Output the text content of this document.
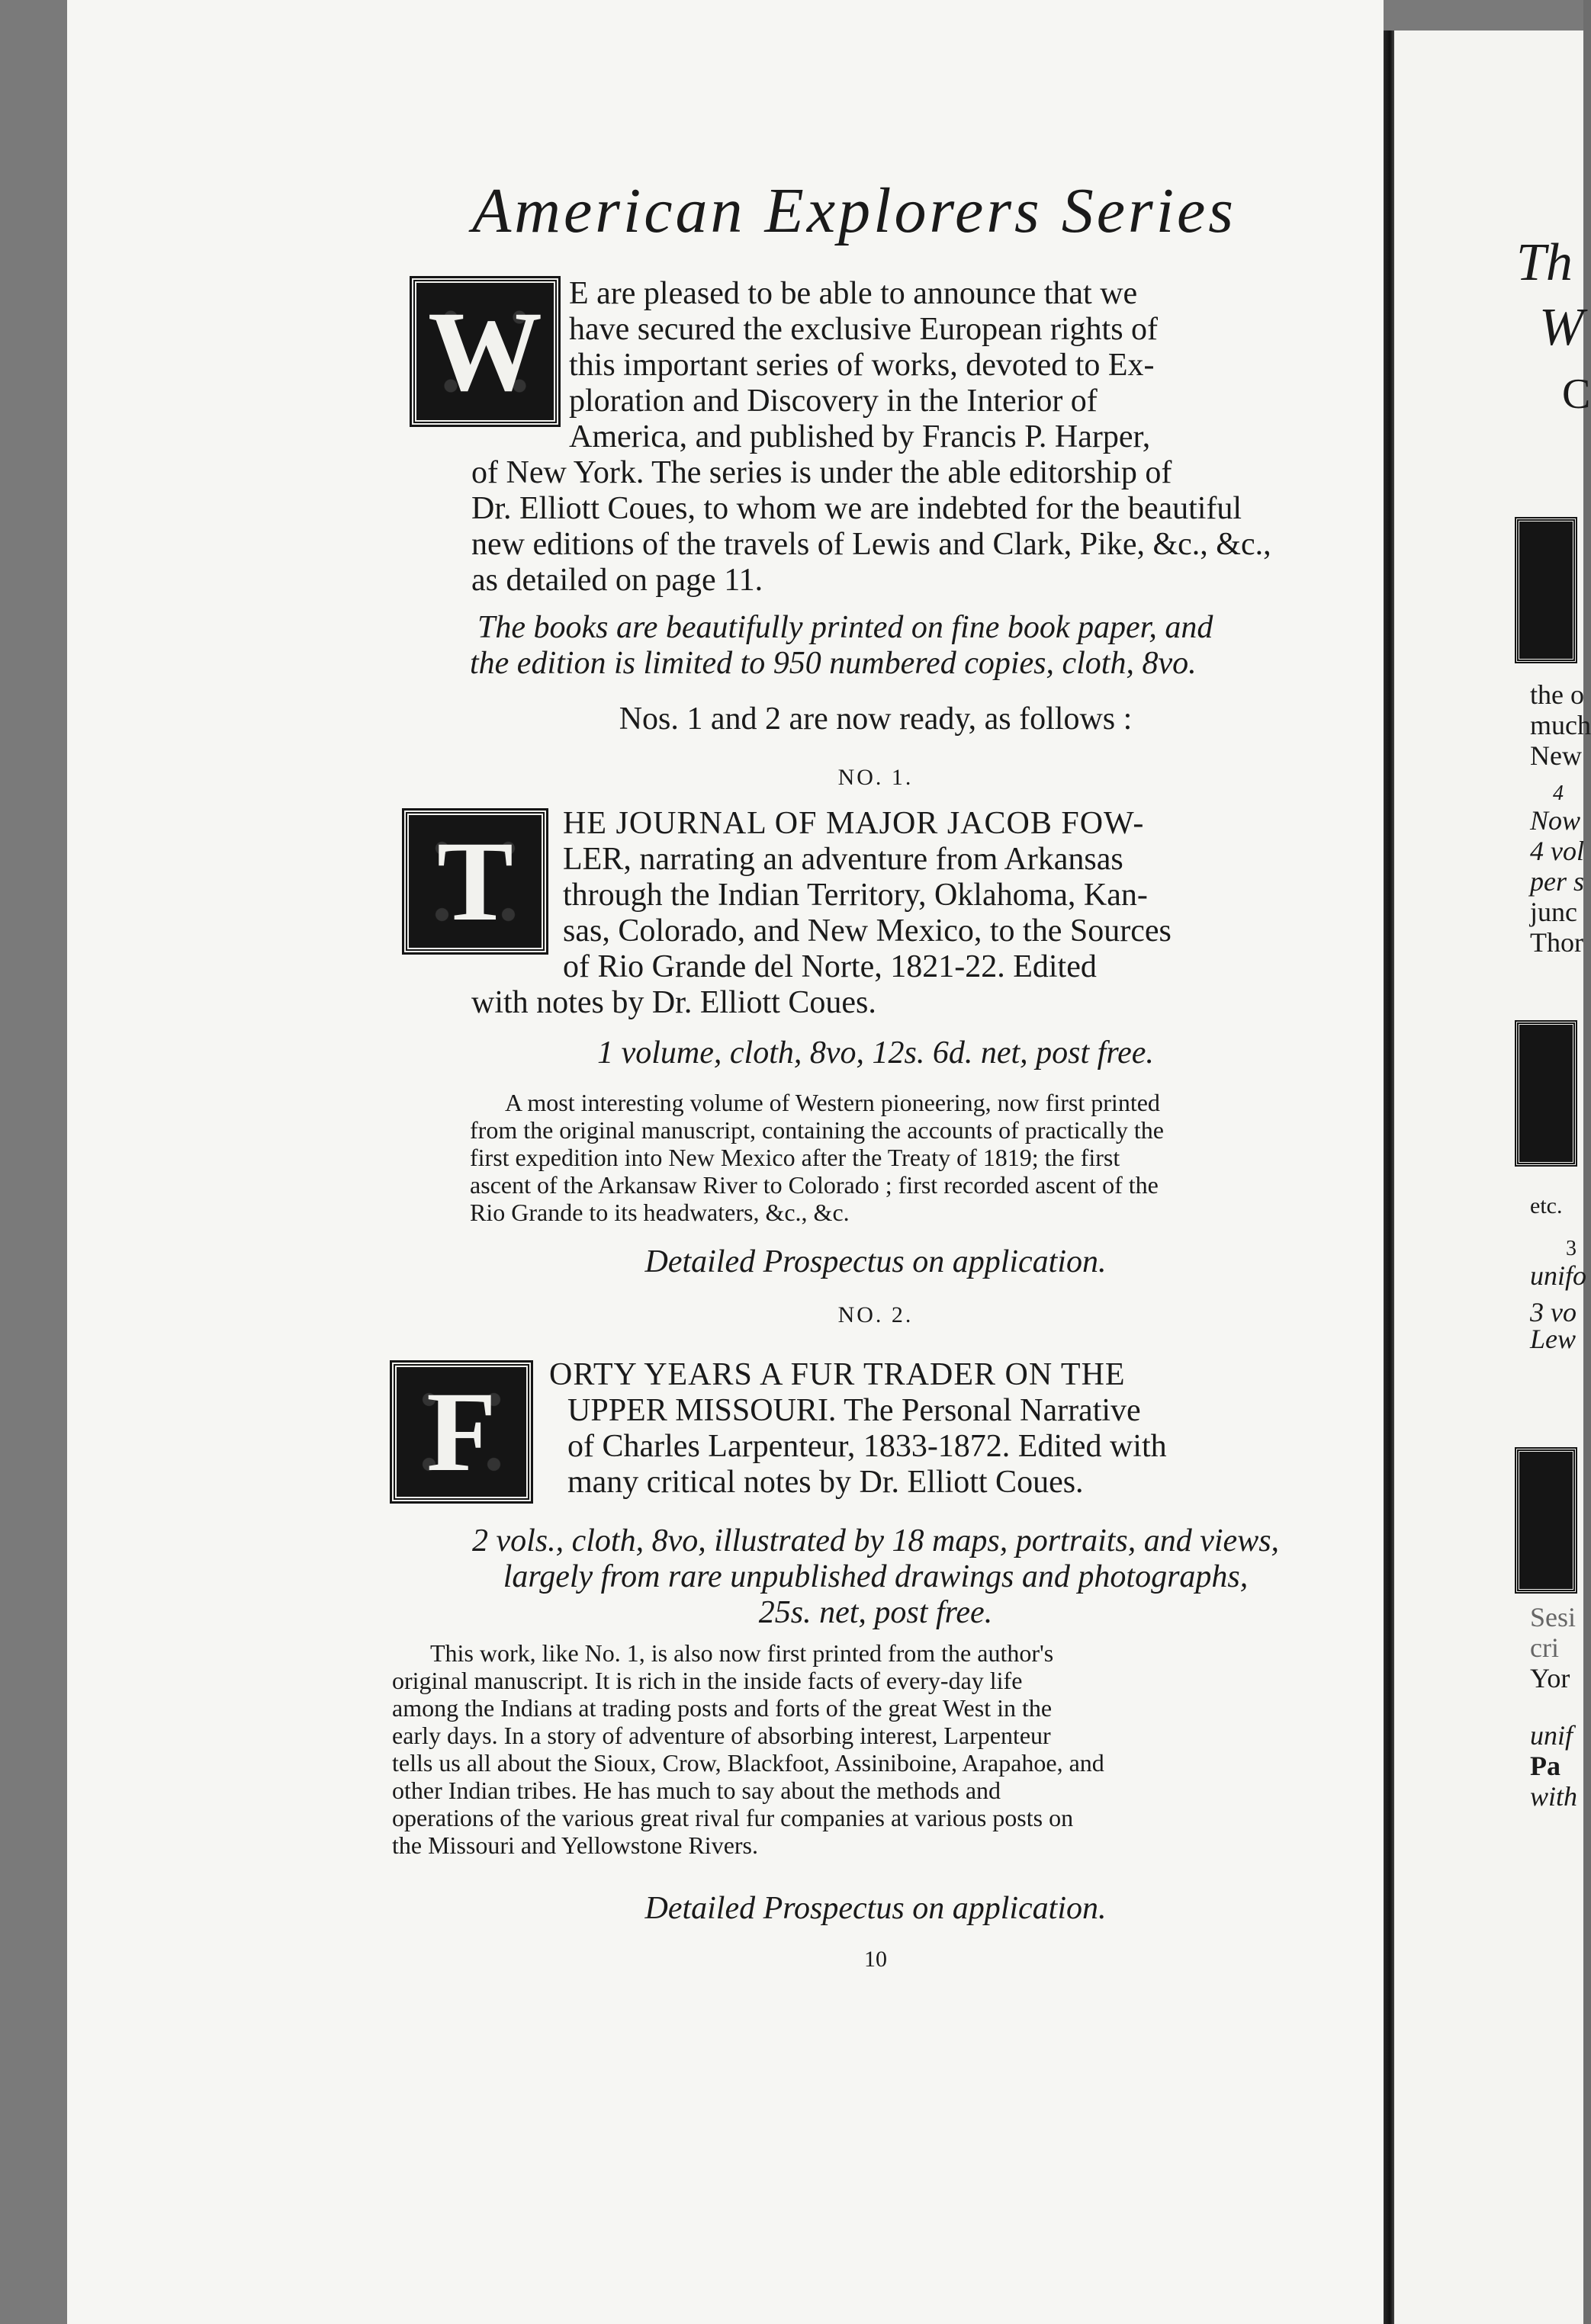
American Explorers Series
W E are pleased to be able to announce that we
have secured the exclusive European rights of
this important series of works, devoted to Ex-
ploration and Discovery in the Interior of
America, and published by Francis P. Harper,
of New York. The series is under the able editorship of
Dr. Elliott Coues, to whom we are indebted for the beautiful
new editions of the travels of Lewis and Clark, Pike, &c., &c.,
as detailed on page 11.
The books are beautifully printed on fine book paper, and
the edition is limited to 950 numbered copies, cloth, 8vo.
Nos. 1 and 2 are now ready, as follows :
NO. 1.
T	HE JOURNAL OF MAJOR JACOB FOW-
LER, narrating an adventure from Arkansas
through the Indian Territory, Oklahoma, Kan-
sas, Colorado, and New Mexico, to the Sources
of Rio Grande del Norte, 1821-22. Edited
with notes by Dr. Elliott Coues.
1 volume, cloth, 8vo, 12s. 6d. net, post free.
A most interesting volume of Western pioneering, now first printed
from the original manuscript, containing the accounts of practically the
first expedition into New Mexico after the Treaty of 1819; the first
ascent of the Arkansaw River to Colorado ; first recorded ascent of the
Rio Grande to its headwaters, &c., &c.
Detailed Prospectus on application.
NO. 2.
F	ORTY YEARS A FUR TRADER ON THE
UPPER MISSOURI. The Personal Narrative
of Charles Larpenteur, 1833-1872. Edited with
many critical notes by Dr. Elliott Coues.
2 vols., cloth, 8vo, illustrated by 18 maps, portraits, and views,
largely from rare unpublished drawings and photographs,
25s. net, post free.
This work, like No. 1, is also now first printed from the author's
original manuscript. It is rich in the inside facts of every-day life
among the Indians at trading posts and forts of the great West in the
early days. In a story of adventure of absorbing interest, Larpenteur
tells us all about the Sioux, Crow, Blackfoot, Assiniboine, Arapahoe, and
other Indian tribes. He has much to say about the methods and
operations of the various great rival fur companies at various posts on
the Missouri and Yellowstone Rivers.
Detailed Prospectus on application.
10
Th
W
C
the o
much
New
4
Now
4 vol
per s
junc
Thor
etc.
3
unifo
3 vo
Lew
Sesi
cri
Yor
unif
Pa
with
